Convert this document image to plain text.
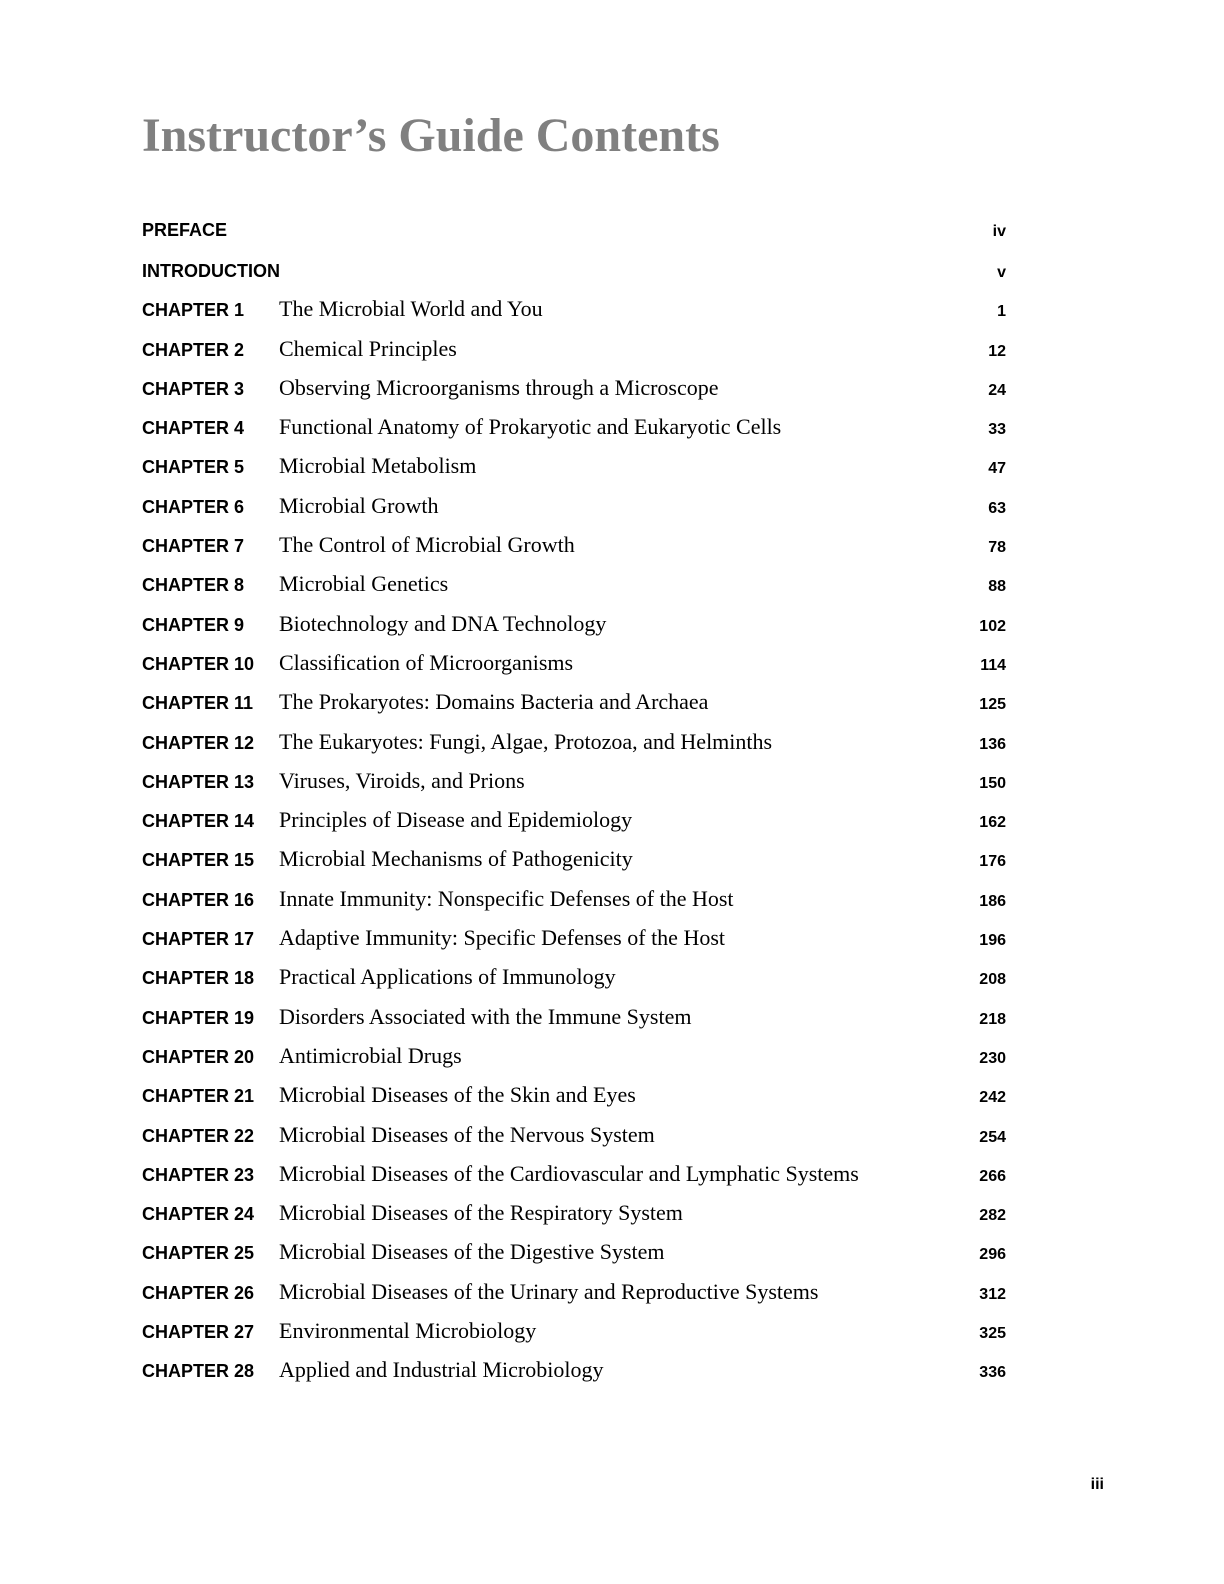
Instructor’s Guide Contents
PREFACE	iv
INTRODUCTION	v
CHAPTER 1 The Microbial World and You	1
CHAPTER 2 Chemical Principles	12
CHAPTER 3 Observing Microorganisms through a Microscope	24
CHAPTER 4 Functional Anatomy of Prokaryotic and Eukaryotic Cells	33
CHAPTER 5 Microbial Metabolism	47
CHAPTER 6 Microbial Growth	63
CHAPTER 7 The Control of Microbial Growth	78
CHAPTER 8 Microbial Genetics	88
CHAPTER 9 Biotechnology and DNA Technology	102
CHAPTER 10 Classification of Microorganisms	114
CHAPTER 11 The Prokaryotes: Domains Bacteria and Archaea	125
CHAPTER 12 The Eukaryotes: Fungi, Algae, Protozoa, and Helminths	136
CHAPTER 13 Viruses, Viroids, and Prions	150
CHAPTER 14 Principles of Disease and Epidemiology	162
CHAPTER 15 Microbial Mechanisms of Pathogenicity	176
CHAPTER 16 Innate Immunity: Nonspecific Defenses of the Host	186
CHAPTER 17 Adaptive Immunity: Specific Defenses of the Host	196
CHAPTER 18 Practical Applications of Immunology	208
CHAPTER 19 Disorders Associated with the Immune System	218
CHAPTER 20 Antimicrobial Drugs	230
CHAPTER 21 Microbial Diseases of the Skin and Eyes	242
CHAPTER 22 Microbial Diseases of the Nervous System	254
CHAPTER 23 Microbial Diseases of the Cardiovascular and Lymphatic Systems	266
CHAPTER 24 Microbial Diseases of the Respiratory System	282
CHAPTER 25 Microbial Diseases of the Digestive System	296
CHAPTER 26 Microbial Diseases of the Urinary and Reproductive Systems	312
CHAPTER 27 Environmental Microbiology	325
CHAPTER 28 Applied and Industrial Microbiology	336
iii
